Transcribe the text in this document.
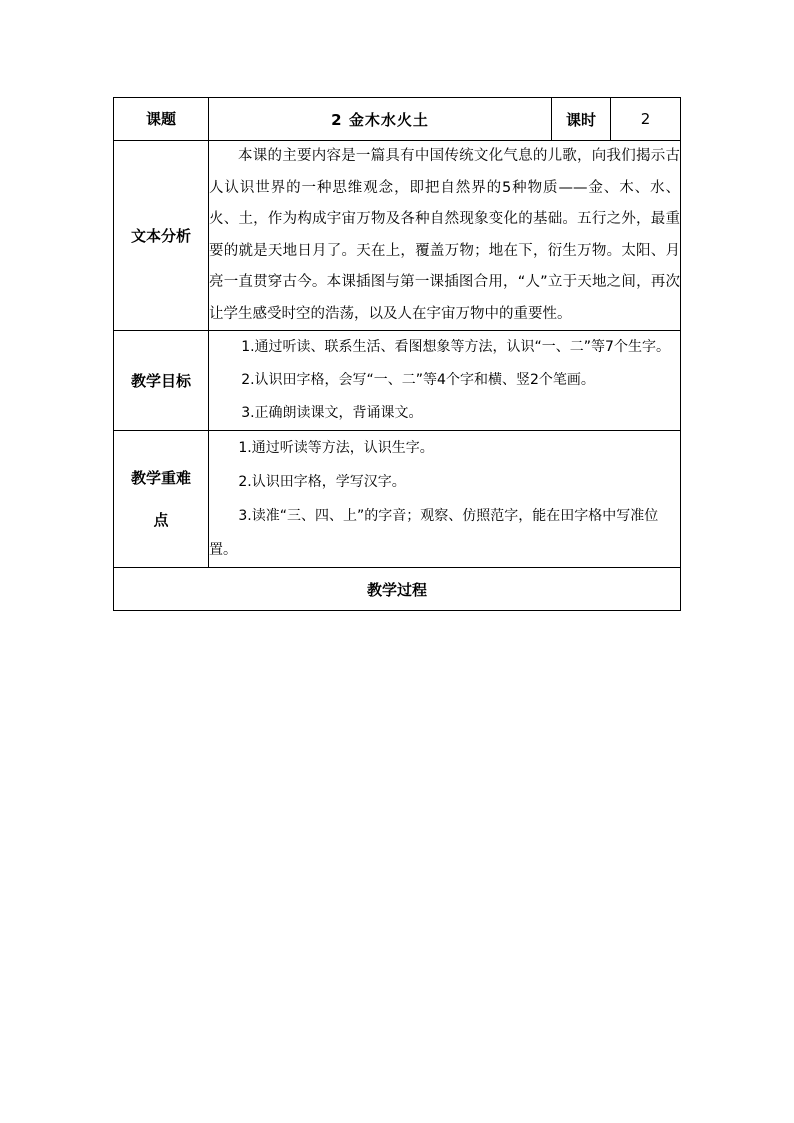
课题	2 金木水火土	课时	2
文本分析	本课的主要内容是一篇具有中国传统文化气息的儿歌，向我们揭示古人认识世界的一种思维观念，即把自然界的5种物质——金、木、水、火、土，作为构成宇宙万物及各种自然现象变化的基础。五行之外，最重要的就是天地日月了。天在上，覆盖万物；地在下，衍生万物。太阳、月亮一直贯穿古今。本课插图与第一课插图合用，“人”立于天地之间，再次让学生感受时空的浩荡，以及人在宇宙万物中的重要性。		

教学目标	1.通过听读、联系生活、看图想象等方法，认识“一、二”等7个生字。

2.认识田字格，会写“一、二”等4个字和横、竖2个笔画。

3.正确朗读课文，背诵课文。		

教学重难点	1.通过听读等方法，认识生字。

2.认识田字格，学写汉字。

3.读准“三、四、上”的字音；观察、仿照范字，能在田字格中写准位置。		

教学过程			
